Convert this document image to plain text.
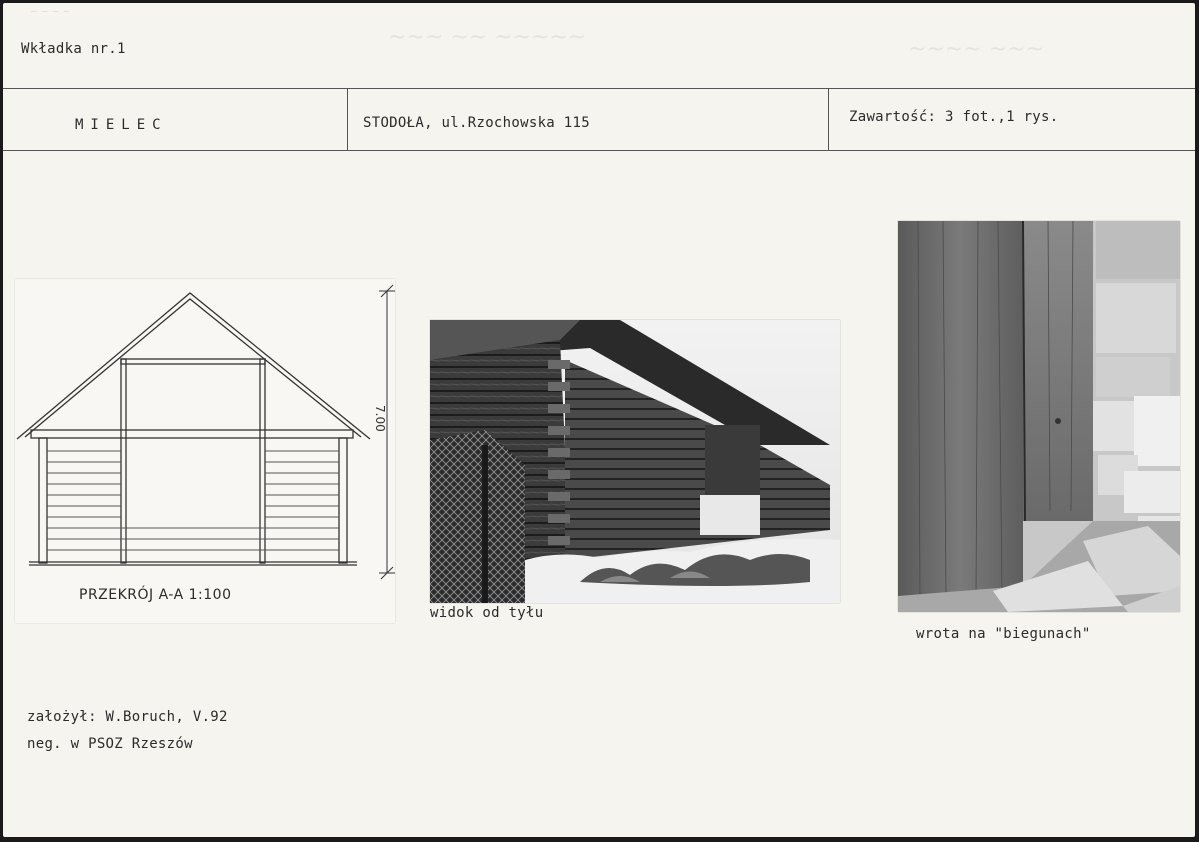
— — — —
~~~ ~~ ~~~~~	~~~~ ~~~
Wkładka nr.1
MIELEC	STODOŁA, ul.Rzochowska 115	Zawartość: 3 fot.,1 rys.
7.00
PRZEKRÓJ A-A 1:100
widok od tyłu
wrota na "biegunach"
założył: W.Boruch, V.92
neg. w PSOZ Rzeszów
